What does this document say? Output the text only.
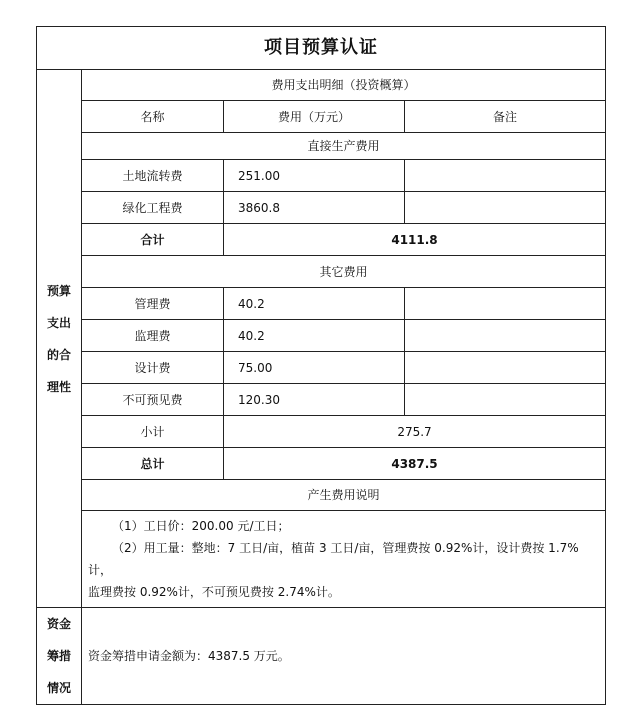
项目预算认证			

预算
支出
的合
理性	费用支出明细（投资概算）		
	名称	费用（万元）	备注
	直接生产费用		
	土地流转费	251.00	
	绿化工程费	3860.8	
	合计	4111.8	
	其它费用		
	管理费	40.2	
	监理费	40.2	
	设计费	75.00	
	不可预见费	120.30	
	小计	275.7	
	总计	4387.5	
	产生费用说明		

	（1）工日价：200.00 元/工日；

（2）用工量：整地：7 工日/亩，植苗 3 工日/亩，管理费按 0.92%计，设计费按 1.7%计，

监理费按 0.92%计，不可预见费按 2.74%计。		

资金
筹措
情况	资金筹措申请金额为：4387.5 万元。		
